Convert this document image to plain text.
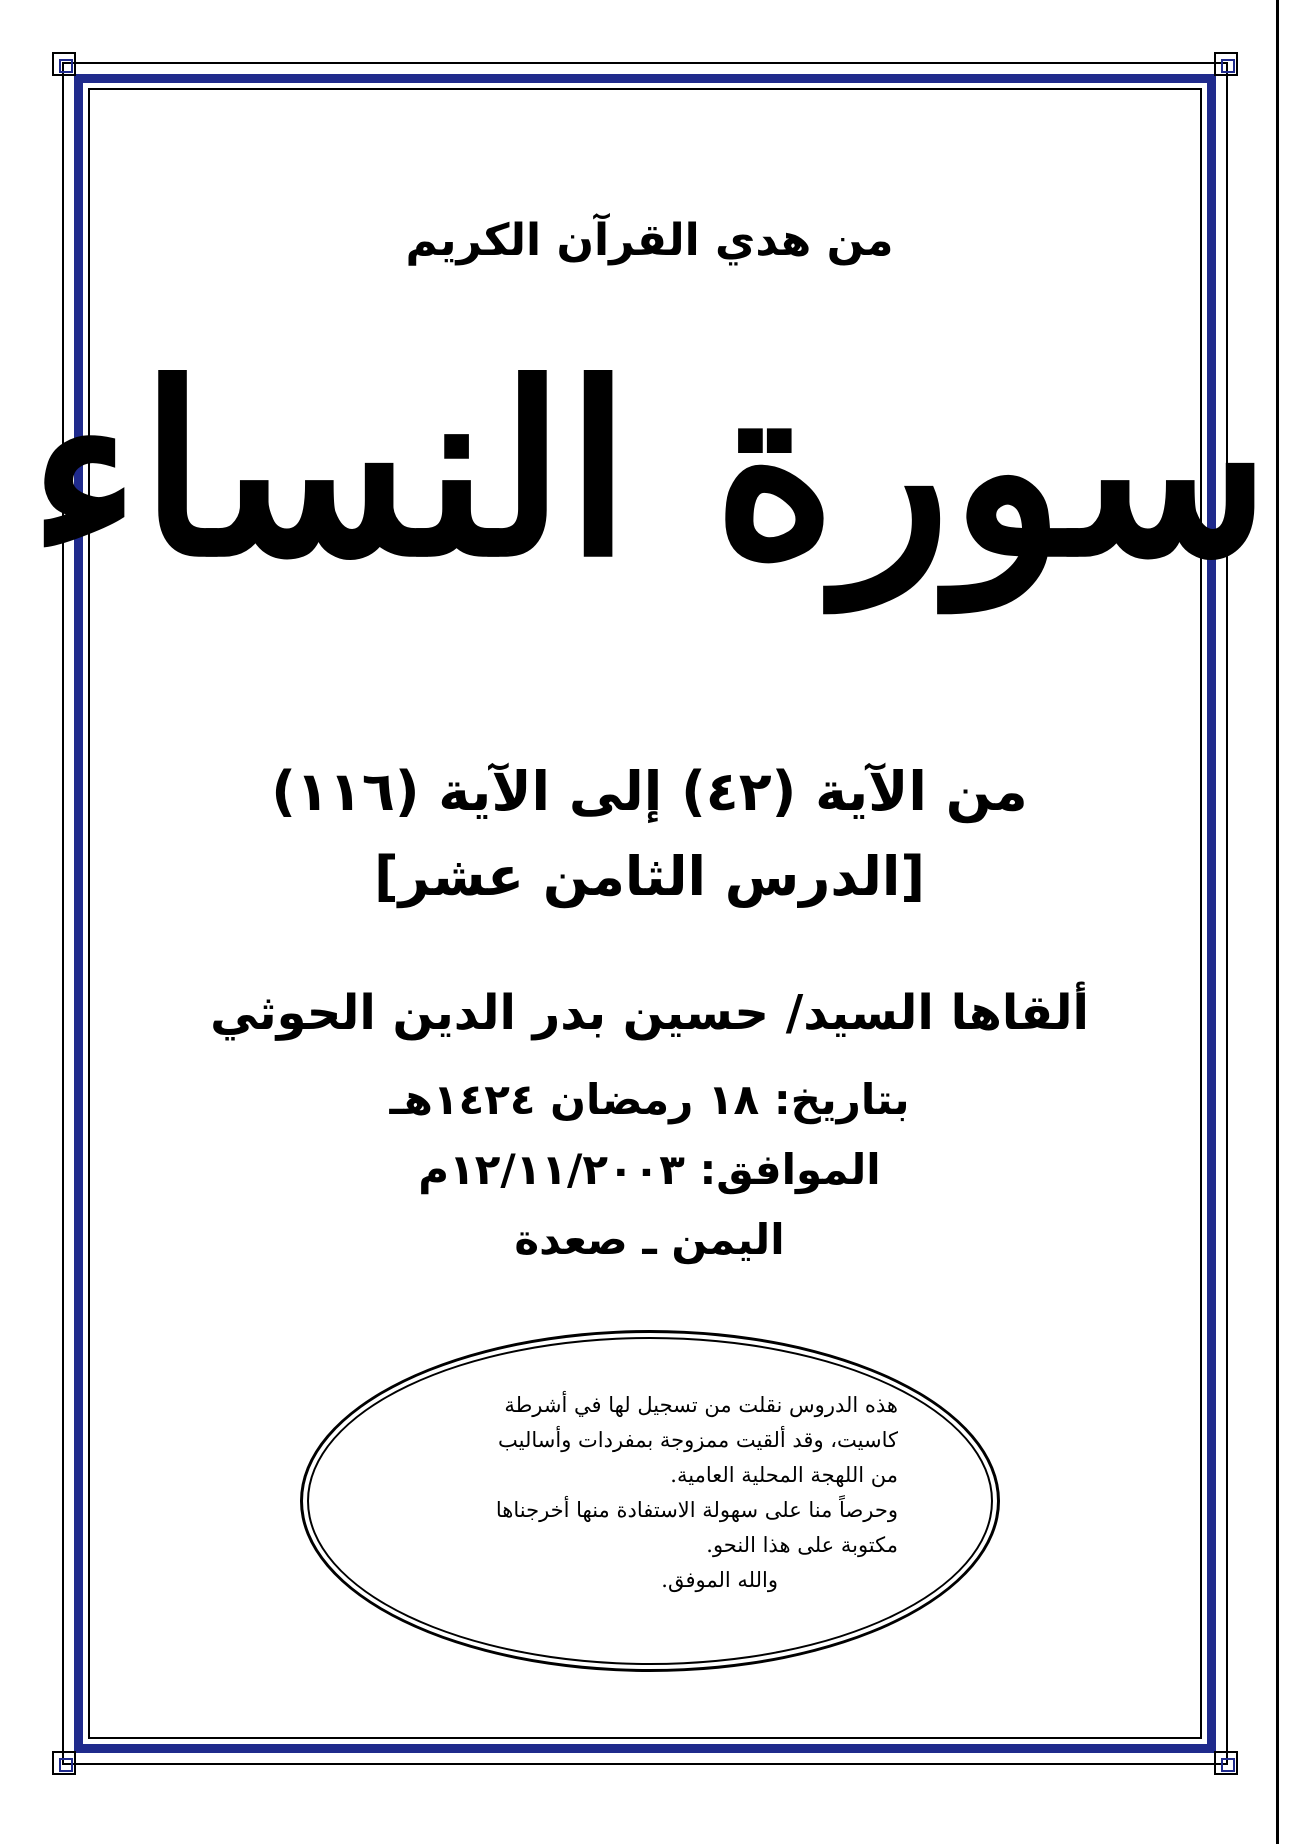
من هدي القرآن الكريم
سورة النساء
من الآية (٤٢) إلى الآية (١١٦)
[الدرس الثامن عشر]
ألقاها السيد/ حسين بدر الدين الحوثي
بتاريخ: ١٨ رمضان ١٤٢٤هـ
الموافق: ١٢/١١/٢٠٠٣م
اليمن ـ صعدة
هذه الدروس نقلت من تسجيل لها في أشرطة
كاسيت، وقد ألقيت ممزوجة بمفردات وأساليب
من اللهجة المحلية العامية.
وحرصاً منا على سهولة الاستفادة منها أخرجناها
مكتوبة على هذا النحو.
والله الموفق.
